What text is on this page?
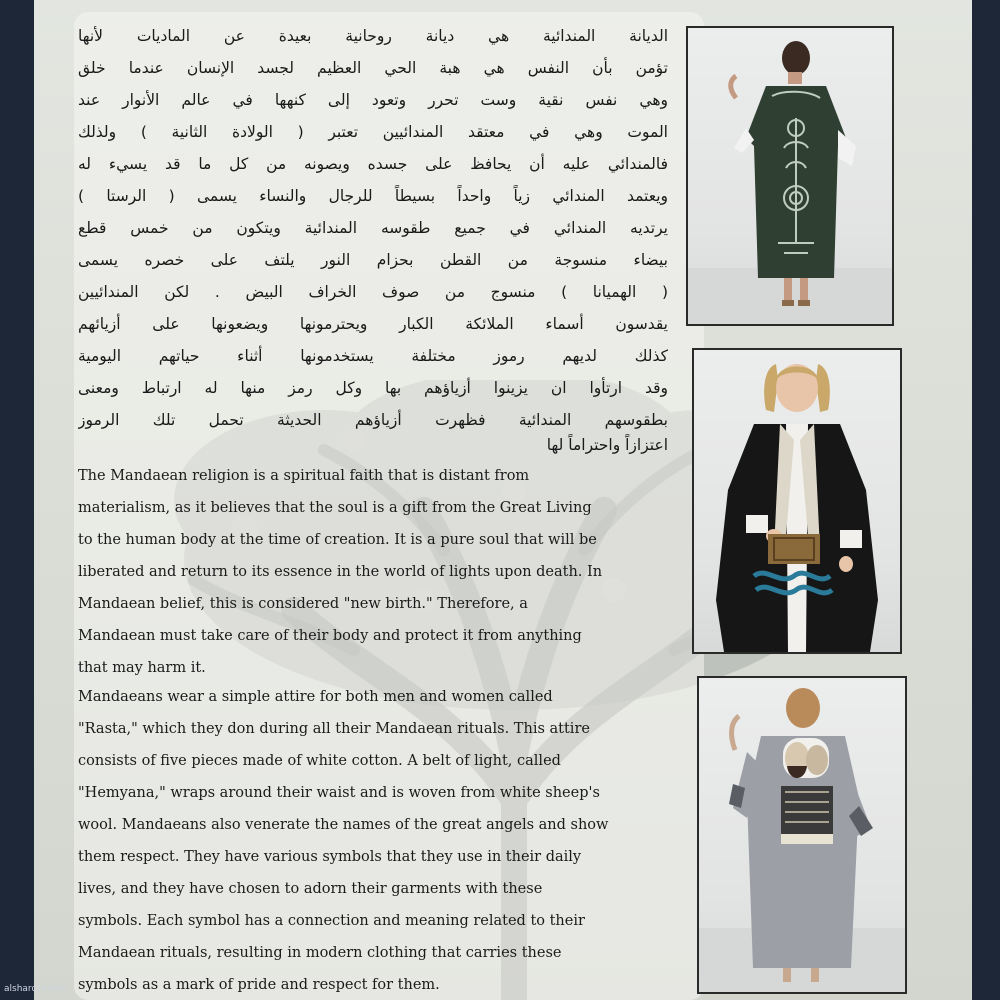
الديانة المندائية هي ديانة روحانية بعيدة عن الماديات لأنها
تؤمن بأن النفس هي هبة الحي العظيم لجسد الإنسان عندما خلق
وهي نفس نقية وست تحرر وتعود إلى كنهها في عالم الأنوار عند
الموت وهي في معتقد المندائيين تعتبر ( الولادة الثانية ) ولذلك
فالمندائي عليه أن يحافظ على جسده ويصونه من كل ما قد يسيء له
ويعتمد المندائي زياً واحداً بسيطاً للرجال والنساء يسمى ( الرستا )
يرتديه المندائي في جميع طقوسه المندائية ويتكون من خمس قطع
بيضاء منسوجة من القطن بحزام النور يلتف على خصره يسمى
( الهميانا ) منسوج من صوف الخراف البيض . لكن المندائيين
يقدسون أسماء الملائكة الكبار ويحترمونها ويضعونها على أزيائهم
كذلك لديهم رموز مختلفة يستخدمونها أثناء حياتهم اليومية
وقد ارتأوا ان يزينوا أزياؤهم بها وكل رمز منها له ارتباط ومعنى
بطقوسهم المندائية فظهرت أزياؤهم الحديثة تحمل تلك الرموز
اعتزازاً واحتراماً لها
The Mandaean religion is a spiritual faith that is distant from
materialism, as it believes that the soul is a gift from the Great Living
to the human body at the time of creation. It is a pure soul that will be
liberated and return to its essence in the world of lights upon death. In
Mandaean belief, this is considered "new birth." Therefore, a
Mandaean must take care of their body and protect it from anything
that may harm it.
Mandaeans wear a simple attire for both men and women called
"Rasta," which they don during all their Mandaean rituals. This attire
consists of five pieces made of white cotton. A belt of light, called
"Hemyana," wraps around their waist and is woven from white sheep's
wool. Mandaeans also venerate the names of the great angels and show
them respect. They have various symbols that they use in their daily
lives, and they have chosen to adorn their garments with these
symbols. Each symbol has a connection and meaning related to their
Mandaean rituals, resulting in modern clothing that carries these
symbols as a mark of pride and respect for them.
alsharqtv.com
